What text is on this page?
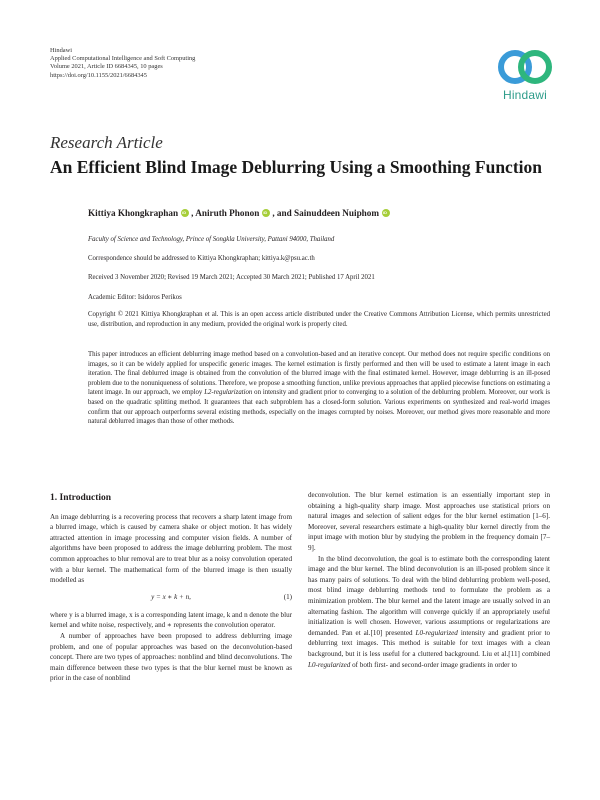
Hindawi
Applied Computational Intelligence and Soft Computing
Volume 2021, Article ID 6684345, 10 pages
https://doi.org/10.1155/2021/6684345
Hindawi
Research Article
An Efficient Blind Image Deblurring Using a Smoothing Function
Kittiya Khongkraphan iD , Aniruth Phonon iD , and Sainuddeen NuiphomiD
Faculty of Science and Technology, Prince of Songkla University, Pattani 94000, Thailand
Correspondence should be addressed to Kittiya Khongkraphan; kittiya.k@psu.ac.th
Received 3 November 2020; Revised 19 March 2021; Accepted 30 March 2021; Published 17 April 2021
Academic Editor: Isidoros Perikos
Copyright © 2021 Kittiya Khongkraphan et al. This is an open access article distributed under the Creative Commons Attribution License, which permits unrestricted use, distribution, and reproduction in any medium, provided the original work is properly cited.
This paper introduces an efficient deblurring image method based on a convolution-based and an iterative concept. Our method does not require specific conditions on images, so it can be widely applied for unspecific generic images. The kernel estimation is firstly performed and then will be used to estimate a latent image in each iteration. The final deblurred image is obtained from the convolution of the blurred image with the final estimated kernel. However, image deblurring is an ill-posed problem due to the nonuniqueness of solutions. Therefore, we propose a smoothing function, unlike previous approaches that applied piecewise functions on estimating a latent image. In our approach, we employ L2-regularization on intensity and gradient prior to converging to a solution of the deblurring problem. Moreover, our work is based on the quadratic splitting method. It guarantees that each subproblem has a closed-form solution. Various experiments on synthesized and real-world images confirm that our approach outperforms several existing methods, especially on the images corrupted by noises. Moreover, our method gives more reasonable and more natural deblurred images than those of other methods.
1. Introduction

An image deblurring is a recovering process that recovers a sharp latent image from a blurred image, which is caused by camera shake or object motion. It has widely attracted attention in image processing and computer vision fields. A number of algorithms have been proposed to address the image deblurring problem. The most common approaches to blur removal are to treat blur as a noisy convolution operated with a blur kernel. The mathematical form of the blurred image is then usually modelled as

y = x ∗ k + n,	(1)

where y is a blurred image, x is a corresponding latent image, k and n denote the blur kernel and white noise, respectively, and ∗ represents the convolution operator.

A number of approaches have been proposed to address deblurring image problem, and one of popular approaches was based on the deconvolution-based concept. There are two types of approaches: nonblind and blind deconvolutions. The main difference between these two types is that the blur kernel must be known as prior in the case of nonblind

deconvolution. The blur kernel estimation is an essentially important step in obtaining a high-quality sharp image. Most approaches use statistical priors on natural images and selection of salient edges for the blur kernel estimation [1–6]. Moreover, several researchers estimate a high-quality blur kernel directly from the input image with motion blur by studying the problem in the frequency domain [7–9].

In the blind deconvolution, the goal is to estimate both the corresponding latent image and the blur kernel. The blind deconvolution is an ill-posed problem since it has many pairs of solutions. To deal with the blind deblurring problem well-posed, most blind image deblurring methods tend to formulate the problem as a minimization problem. The blur kernel and the latent image are usually solved in an alternating fashion. The algorithm will converge quickly if an appropriately useful initialization is well chosen. However, various assumptions or regularizations are demanded. Pan et al.[10] presented L0-regularized intensity and gradient prior to deblurring text images. This method is suitable for text images with a clean background, but it is less useful for a cluttered background. Liu et al.[11] combined L0-regularized of both first- and second-order image gradients in order to
